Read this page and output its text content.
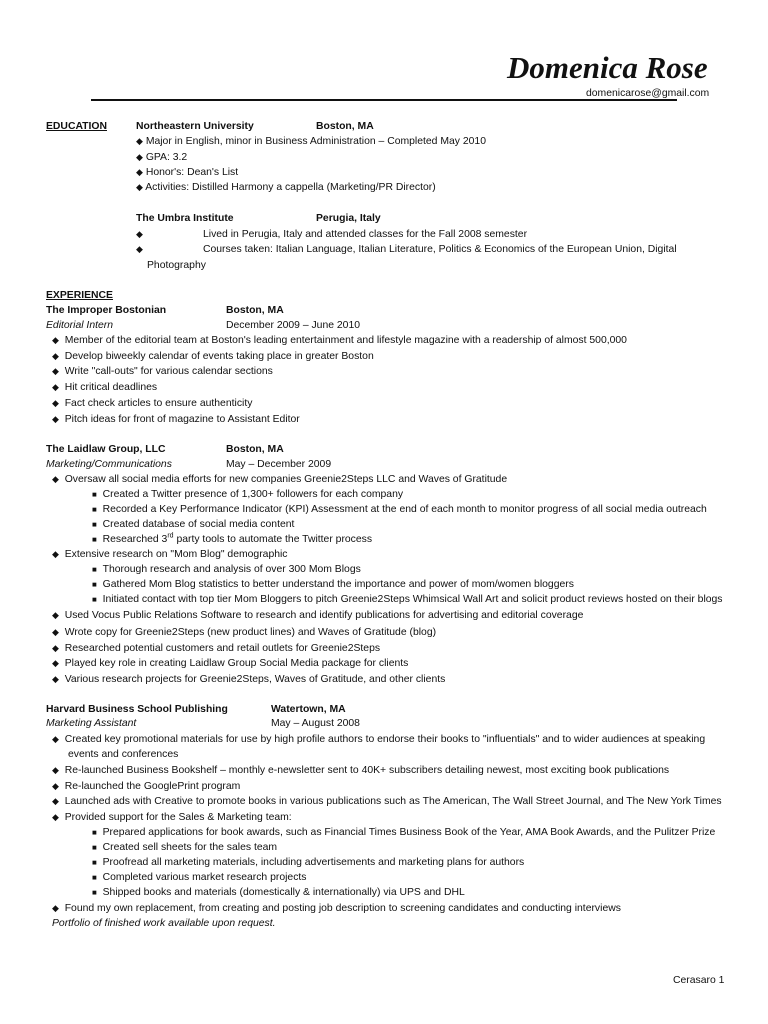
Domenica Rose
domenicarose@gmail.com
EDUCATION	Northeastern University	Boston, MA
◆ Major in English, minor in Business Administration – Completed May 2010
◆ GPA: 3.2
◆ Honor's: Dean's List
◆ Activities: Distilled Harmony a cappella (Marketing/PR Director)
The Umbra Institute	Perugia, Italy
◆	Lived in Perugia, Italy and attended classes for the Fall 2008 semester
◆	Courses taken: Italian Language, Italian Literature, Politics & Economics of the European Union, Digital
Photography
EXPERIENCE
The Improper Bostonian	Boston, MA
Editorial Intern	December 2009 – June 2010
◆ Member of the editorial team at Boston's leading entertainment and lifestyle magazine with a readership of almost 500,000
◆ Develop biweekly calendar of events taking place in greater Boston
◆ Write "call-outs" for various calendar sections
◆ Hit critical deadlines
◆ Fact check articles to ensure authenticity
◆ Pitch ideas for front of magazine to Assistant Editor
The Laidlaw Group, LLC	Boston, MA
Marketing/Communications	May – December 2009
◆ Oversaw all social media efforts for new companies Greenie2Steps LLC and Waves of Gratitude
■ Created a Twitter presence of 1,300+ followers for each company
■ Recorded a Key Performance Indicator (KPI) Assessment at the end of each month to monitor progress of all social media outreach
■ Created database of social media content
■ Researched 3rd party tools to automate the Twitter process
◆ Extensive research on "Mom Blog" demographic
■ Thorough research and analysis of over 300 Mom Blogs
■ Gathered Mom Blog statistics to better understand the importance and power of mom/women bloggers
■ Initiated contact with top tier Mom Bloggers to pitch Greenie2Steps Whimsical Wall Art and solicit product reviews hosted on their blogs
◆ Used Vocus Public Relations Software to research and identify publications for advertising and editorial coverage
◆ Wrote copy for Greenie2Steps (new product lines) and Waves of Gratitude (blog)
◆ Researched potential customers and retail outlets for Greenie2Steps
◆ Played key role in creating Laidlaw Group Social Media package for clients
◆ Various research projects for Greenie2Steps, Waves of Gratitude, and other clients
Harvard Business School Publishing	Watertown, MA
Marketing Assistant	May – August 2008
◆ Created key promotional materials for use by high profile authors to endorse their books to "influentials" and to wider audiences at speaking
events and conferences
◆ Re-launched Business Bookshelf – monthly e-newsletter sent to 40K+ subscribers detailing newest, most exciting book publications
◆ Re-launched the GooglePrint program
◆ Launched ads with Creative to promote books in various publications such as The American, The Wall Street Journal, and The New York Times
◆ Provided support for the Sales & Marketing team:
■ Prepared applications for book awards, such as Financial Times Business Book of the Year, AMA Book Awards, and the Pulitzer Prize
■ Created sell sheets for the sales team
■ Proofread all marketing materials, including advertisements and marketing plans for authors
■ Completed various market research projects
■ Shipped books and materials (domestically & internationally) via UPS and DHL
◆ Found my own replacement, from creating and posting job description to screening candidates and conducting interviews
Portfolio of finished work available upon request.
Cerasaro 1
